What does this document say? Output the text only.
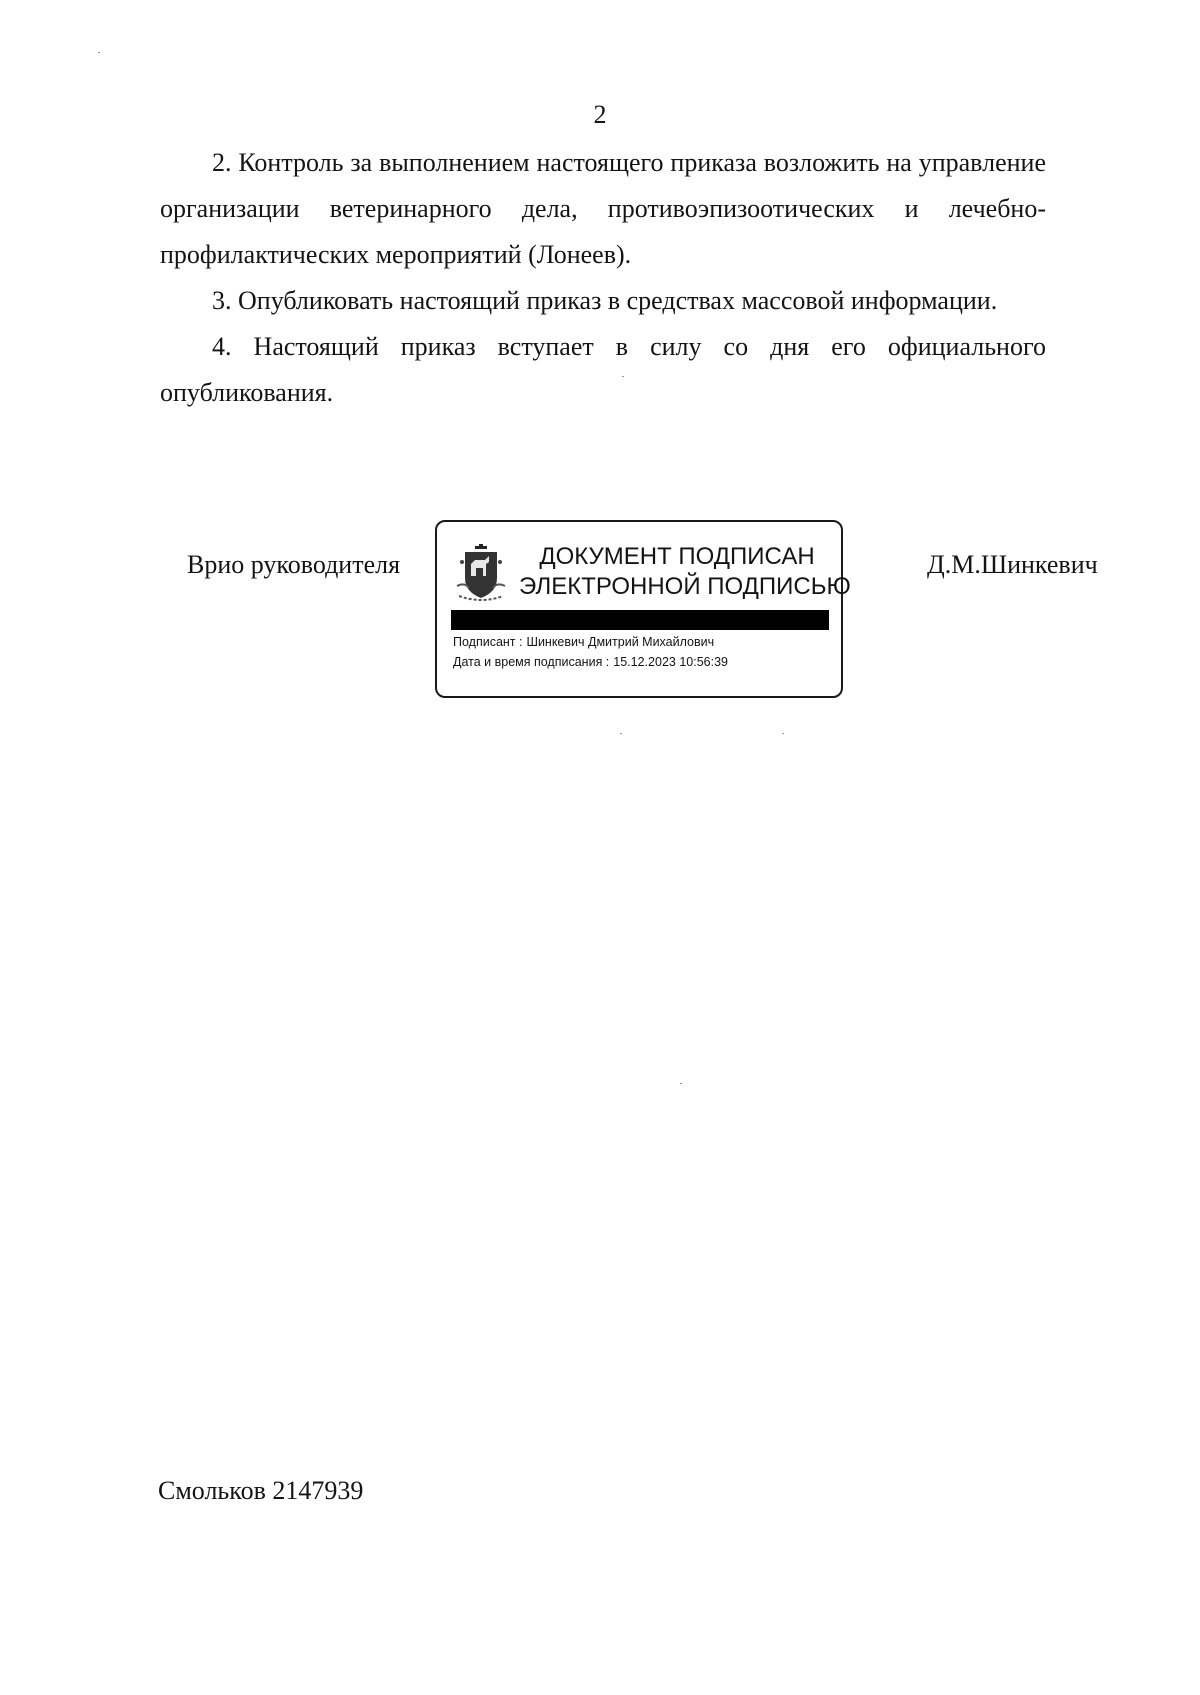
2

2. Контроль за выполнением настоящего приказа возложить на управление организации ветеринарного дела, противоэпизоотических и лечебно-профилактических мероприятий (Лонеев).

3. Опубликовать настоящий приказ в средствах массовой информации.

4. Настоящий приказ вступает в силу со дня его официального опубликования.

Врио руководителя	ДОКУМЕНТ ПОДПИСАН
ЭЛЕКТРОННОЙ ПОДПИСЬЮ
Подписант : Шинкевич Дмитрий Михайлович
Дата и время подписания : 15.12.2023 10:56:39
Д.М.Шинкевич
Смольков 2147939
